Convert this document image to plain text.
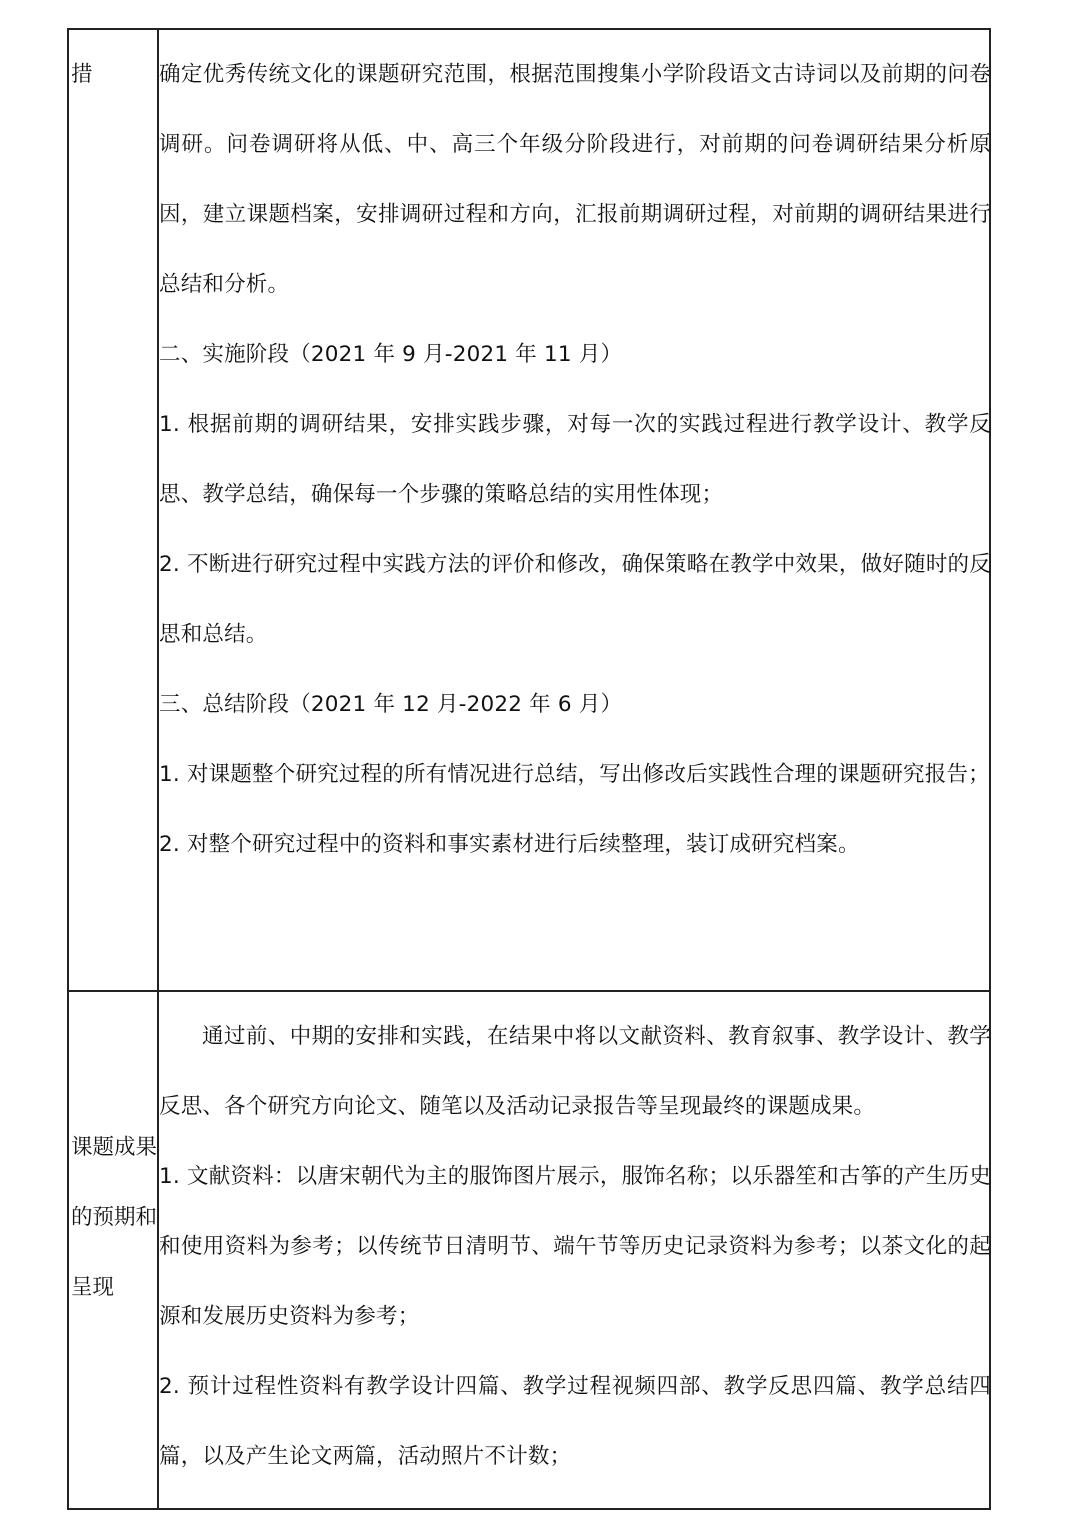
措	确定优秀传统文化的课题研究范围，根据范围搜集小学阶段语文古诗词以及前期的问卷调研。问卷调研将从低、中、高三个年级分阶段进行，对前期的问卷调研结果分析原因，建立课题档案，安排调研过程和方向，汇报前期调研过程，对前期的调研结果进行总结和分析。

二、实施阶段（2021 年 9 月-2021 年 11 月）

1. 根据前期的调研结果，安排实践步骤，对每一次的实践过程进行教学设计、教学反思、教学总结，确保每一个步骤的策略总结的实用性体现；

2. 不断进行研究过程中实践方法的评价和修改，确保策略在教学中效果，做好随时的反思和总结。

三、总结阶段（2021 年 12 月-2022 年 6 月）

1. 对课题整个研究过程的所有情况进行总结，写出修改后实践性合理的课题研究报告；

2. 对整个研究过程中的资料和事实素材进行后续整理，装订成研究档案。

课题成果的预期和呈现

通过前、中期的安排和实践，在结果中将以文献资料、教育叙事、教学设计、教学反思、各个研究方向论文、随笔以及活动记录报告等呈现最终的课题成果。

1. 文献资料：以唐宋朝代为主的服饰图片展示，服饰名称；以乐器笙和古筝的产生历史和使用资料为参考；以传统节日清明节、端午节等历史记录资料为参考；以茶文化的起源和发展历史资料为参考；

2. 预计过程性资料有教学设计四篇、教学过程视频四部、教学反思四篇、教学总结四篇，以及产生论文两篇，活动照片不计数；
